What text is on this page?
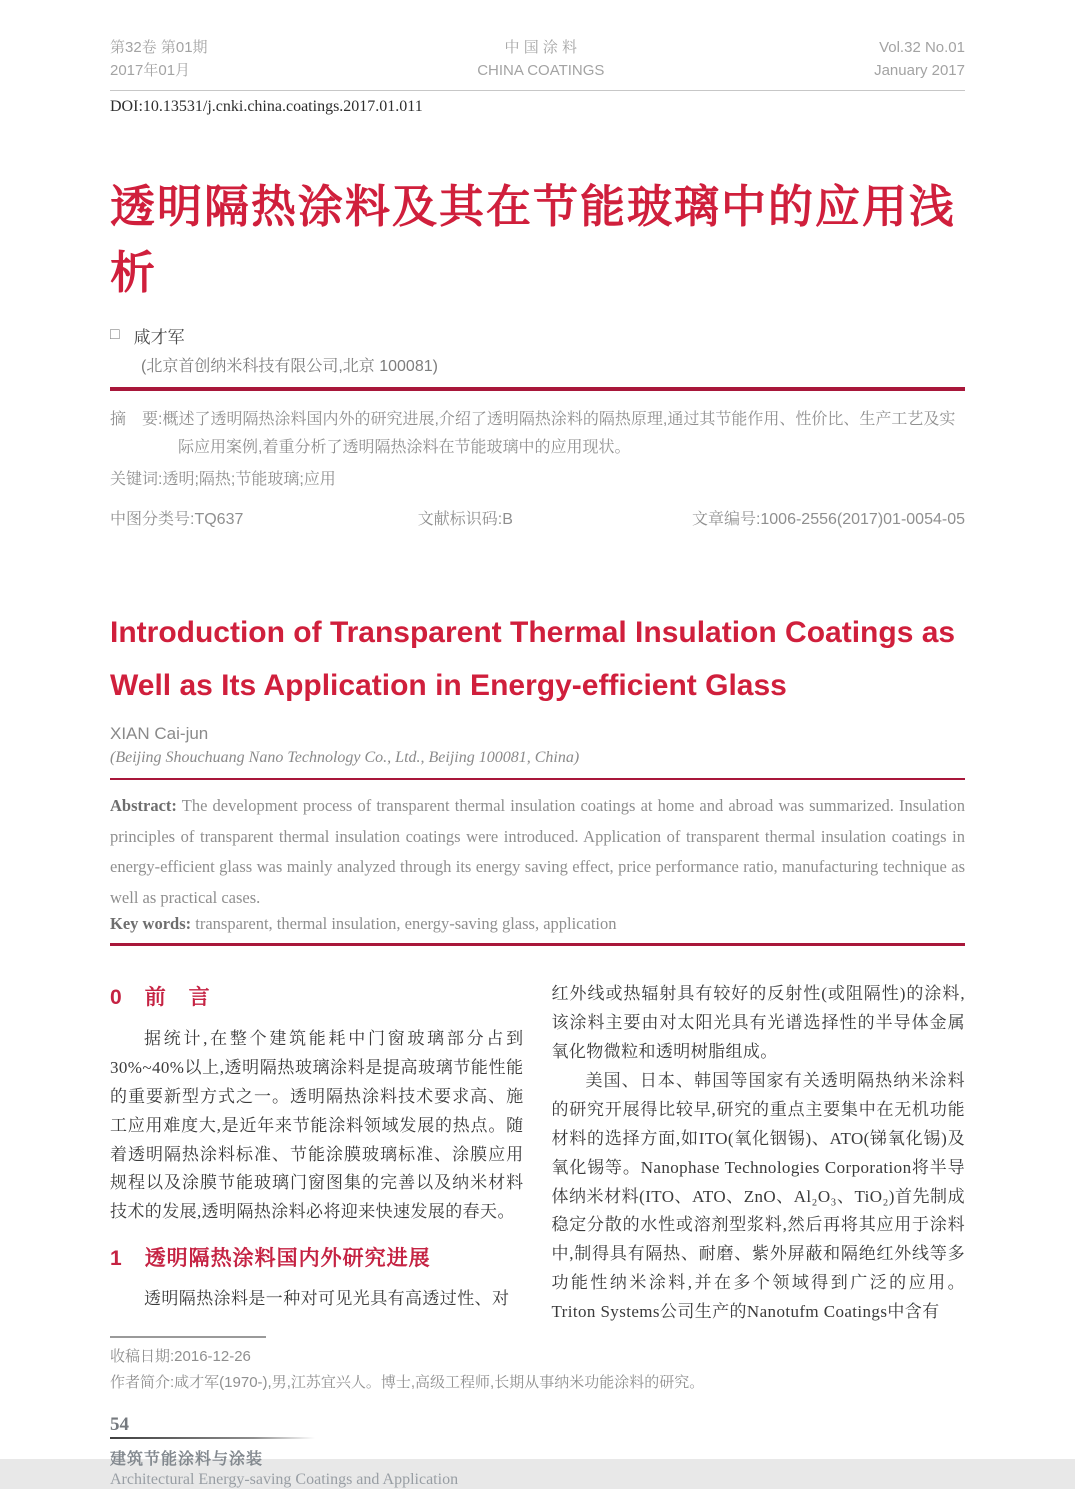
第32卷 第01期
2017年01月
中 国 涂 料
CHINA COATINGS
Vol.32 No.01
January 2017
DOI:10.13531/j.cnki.china.coatings.2017.01.011
透明隔热涂料及其在节能玻璃中的应用浅析
□ 咸才军
(北京首创纳米科技有限公司,北京 100081)

摘　要:概述了透明隔热涂料国内外的研究进展,介绍了透明隔热涂料的隔热原理,通过其节能作用、性价比、生产工艺及实际应用案例,着重分析了透明隔热涂料在节能玻璃中的应用现状。

关键词:透明;隔热;节能玻璃;应用

中图分类号:TQ637	文献标识码:B	文章编号:1006-2556(2017)01-0054-05
Introduction of Transparent Thermal Insulation Coatings as
Well as Its Application in Energy-efficient Glass
XIAN Cai-jun
(Beijing Shouchuang Nano Technology Co., Ltd., Beijing 100081, China)

Abstract: The development process of transparent thermal insulation coatings at home and abroad was summarized. Insulation principles of transparent thermal insulation coatings were introduced. Application of transparent thermal insulation coatings in energy-efficient glass was mainly analyzed through its energy saving effect, price performance ratio, manufacturing technique as well as practical cases.

Key words: transparent, thermal insulation, energy-saving glass, application

0 前　言

据统计,在整个建筑能耗中门窗玻璃部分占到30%~40%以上,透明隔热玻璃涂料是提高玻璃节能性能的重要新型方式之一。透明隔热涂料技术要求高、施工应用难度大,是近年来节能涂料领域发展的热点。随着透明隔热涂料标准、节能涂膜玻璃标准、涂膜应用规程以及涂膜节能玻璃门窗图集的完善以及纳米材料技术的发展,透明隔热涂料必将迎来快速发展的春天。

1 透明隔热涂料国内外研究进展

透明隔热涂料是一种对可见光具有高透过性、对

红外线或热辐射具有较好的反射性(或阻隔性)的涂料,该涂料主要由对太阳光具有光谱选择性的半导体金属氧化物微粒和透明树脂组成。

美国、日本、韩国等国家有关透明隔热纳米涂料的研究开展得比较早,研究的重点主要集中在无机功能材料的选择方面,如ITO(氧化铟锡)、ATO(锑氧化锡)及氧化锡等。Nanophase Technologies Corporation将半导体纳米材料(ITO、ATO、ZnO、Al₂O₃、TiO₂)首先制成稳定分散的水性或溶剂型浆料,然后再将其应用于涂料中,制得具有隔热、耐磨、紫外屏蔽和隔绝红外线等多功能性纳米涂料,并在多个领域得到广泛的应用。Triton Systems公司生产的Nanotufm Coatings中含有

收稿日期:2016-12-26

作者简介:咸才军(1970-),男,江苏宜兴人。博士,高级工程师,长期从事纳米功能涂料的研究。

54
建筑节能涂料与涂装
Architectural Energy-saving Coatings and Application
